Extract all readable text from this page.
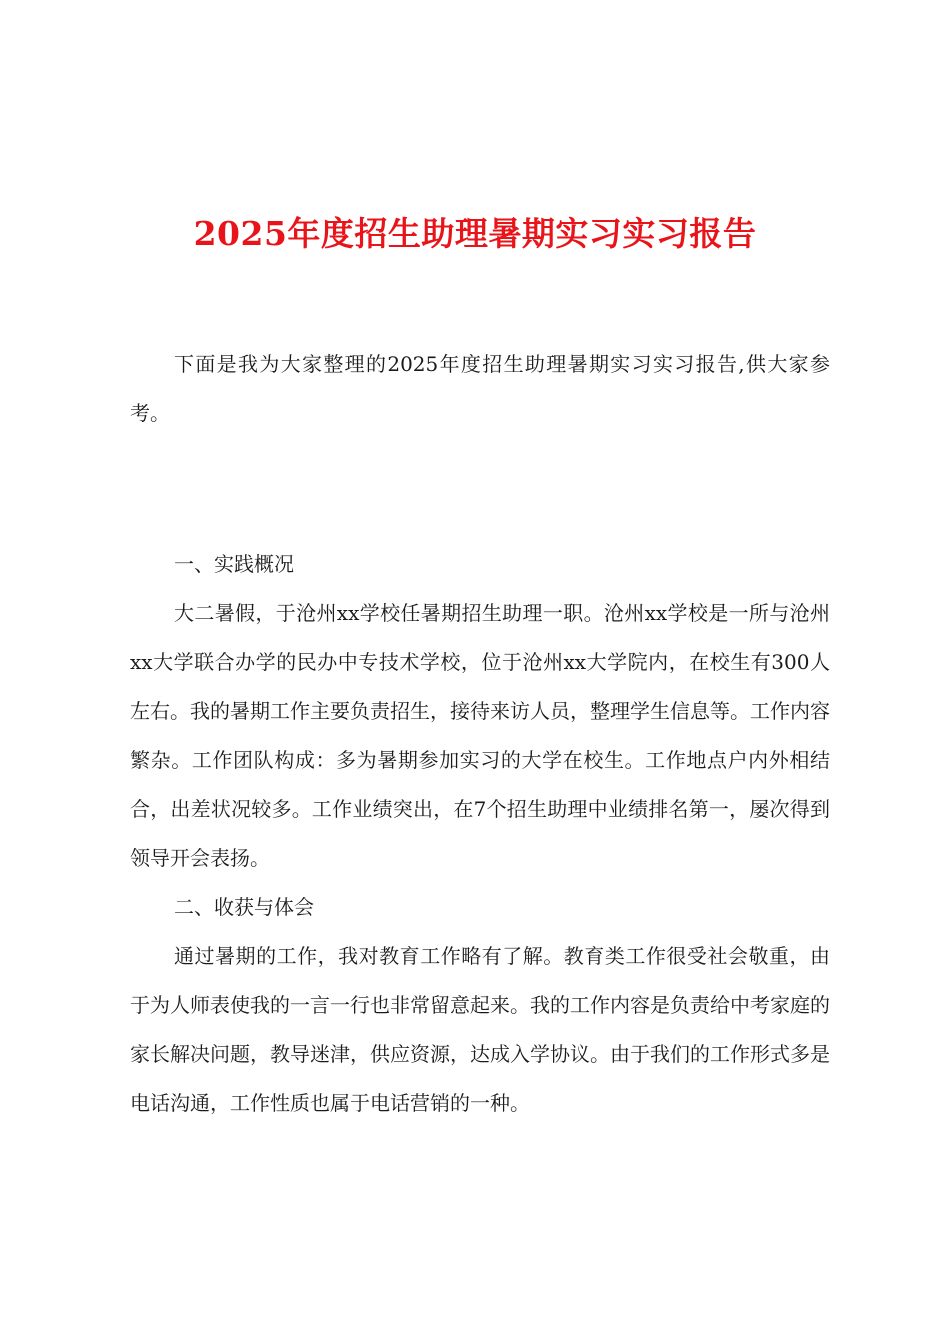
2025年度招生助理暑期实习实习报告

下面是我为大家整理的2025年度招生助理暑期实习实习报告,供大家参考。

一、实践概况

大二暑假，于沧州xx学校任暑期招生助理一职。沧州xx学校是一所与沧州xx大学联合办学的民办中专技术学校，位于沧州xx大学院内，在校生有300人左右。我的暑期工作主要负责招生，接待来访人员，整理学生信息等。工作内容繁杂。工作团队构成：多为暑期参加实习的大学在校生。工作地点户内外相结合，出差状况较多。工作业绩突出，在7个招生助理中业绩排名第一，屡次得到领导开会表扬。

二、收获与体会

通过暑期的工作，我对教育工作略有了解。教育类工作很受社会敬重，由于为人师表使我的一言一行也非常留意起来。我的工作内容是负责给中考家庭的家长解决问题，教导迷津，供应资源，达成入学协议。由于我们的工作形式多是电话沟通，工作性质也属于电话营销的一种。
